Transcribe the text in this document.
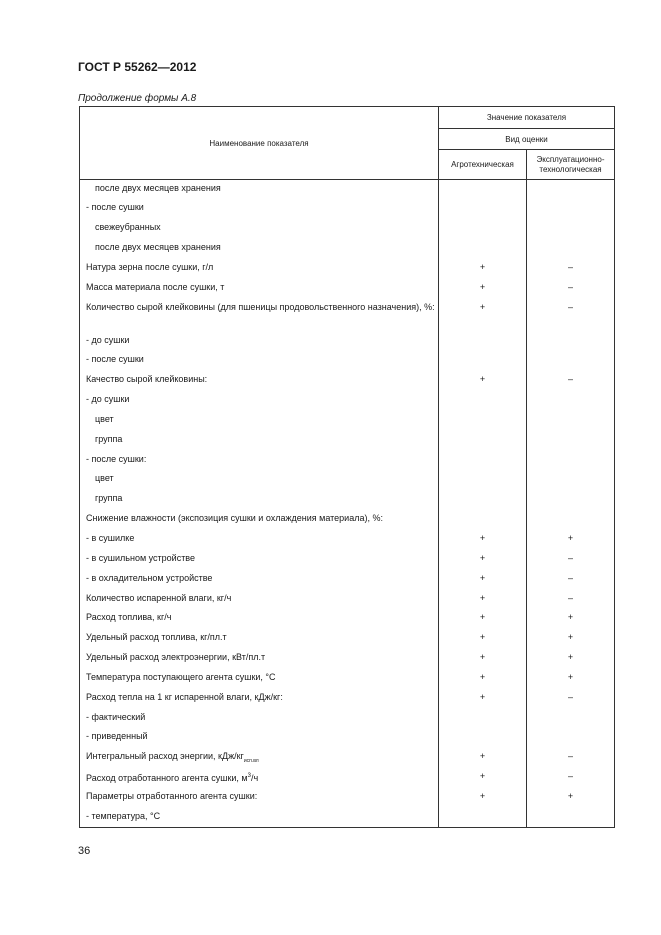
ГОСТ Р 55262—2012
Продолжение формы А.8
Наименование показателя	Значение показателя	
	Вид оценки	
	Агротехническая	Эксплуатационно-
технологическая
после двух месяцев хранения		
- после сушки		
свежеубранных		
после двух месяцев хранения		
Натура зерна после сушки, г/л	+	–
Масса материала после сушки, т	+	–
Количество сырой клейковины (для пшеницы продовольственного назначения), %:	+	–
- до сушки		
- после сушки		
Качество сырой клейковины:	+	–
- до сушки		
цвет		
группа		
- после сушки:		
цвет		
группа		
Снижение влажности (экспозиция сушки и охлаждения материала), %:		
- в сушилке	+	+
- в сушильном устройстве	+	–
- в охладительном устройстве	+	–
Количество испаренной влаги, кг/ч	+	–
Расход топлива, кг/ч	+	+
Удельный расход топлива, кг/пл.т	+	+
Удельный расход электроэнергии, кВт/пл.т	+	+
Температура поступающего агента сушки, °С	+	+
Расход тепла на 1 кг испаренной влаги, кДж/кг:	+	–
- фактический		
- приведенный		
Интегральный расход энергии, кДж/$кг_{исп.вл}$	+	–
Расход отработанного агента сушки, $м^3/ч$	+	–
Параметры отработанного агента сушки:	+	+
- температура, °С		
36
